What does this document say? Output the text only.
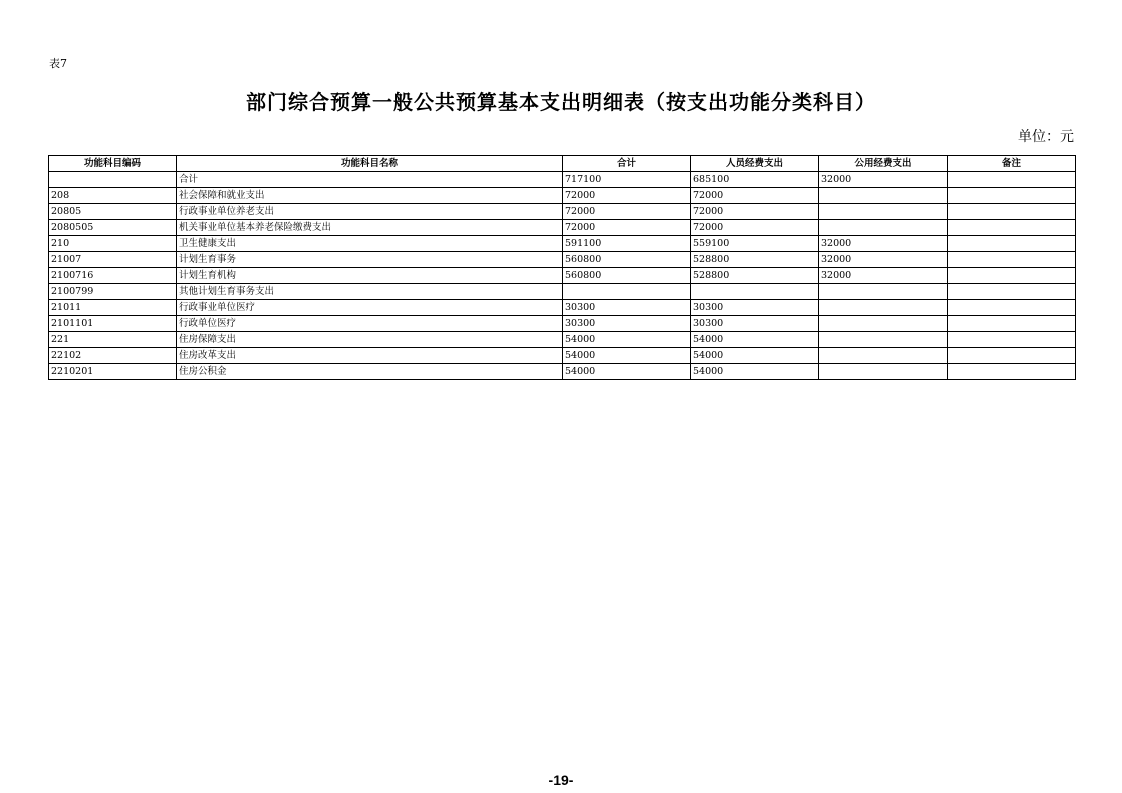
表7
部门综合预算一般公共预算基本支出明细表（按支出功能分类科目）
单位：元
功能科目编码	功能科目名称	合计	人员经费支出	公用经费支出	备注
	合计	717100	685100	32000	
208	社会保障和就业支出	72000	72000		
20805	行政事业单位养老支出	72000	72000		
2080505	机关事业单位基本养老保险缴费支出	72000	72000		
210	卫生健康支出	591100	559100	32000	
21007	计划生育事务	560800	528800	32000	
2100716	计划生育机构	560800	528800	32000	
2100799	其他计划生育事务支出				
21011	行政事业单位医疗	30300	30300		
2101101	行政单位医疗	30300	30300		
221	住房保障支出	54000	54000		
22102	住房改革支出	54000	54000		
2210201	住房公积金	54000	54000		
-19-
